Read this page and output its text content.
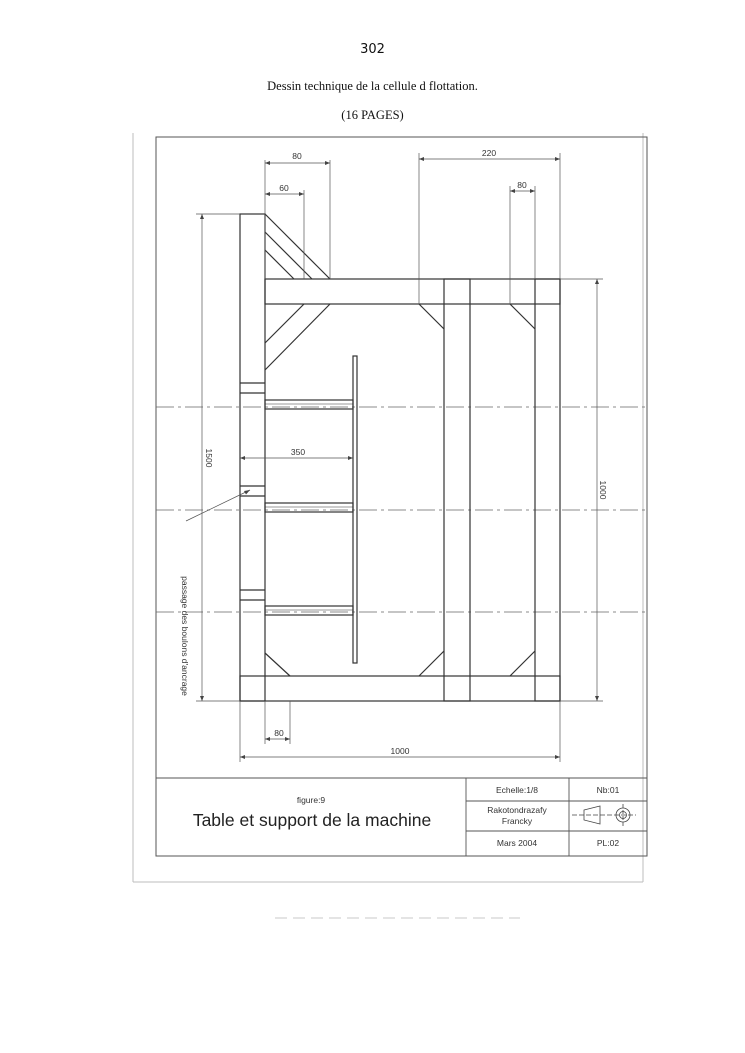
302
Dessin technique de la cellule d flottation.
(16 PAGES)
80
60
220
80
350
80
1000
1500
1000
passage des boulons d'ancrage
figure:9
Table et support de la machine
Echelle:1/8	Nb:01
Rakotondrazafy
Francky
Mars 2004	PL:02
